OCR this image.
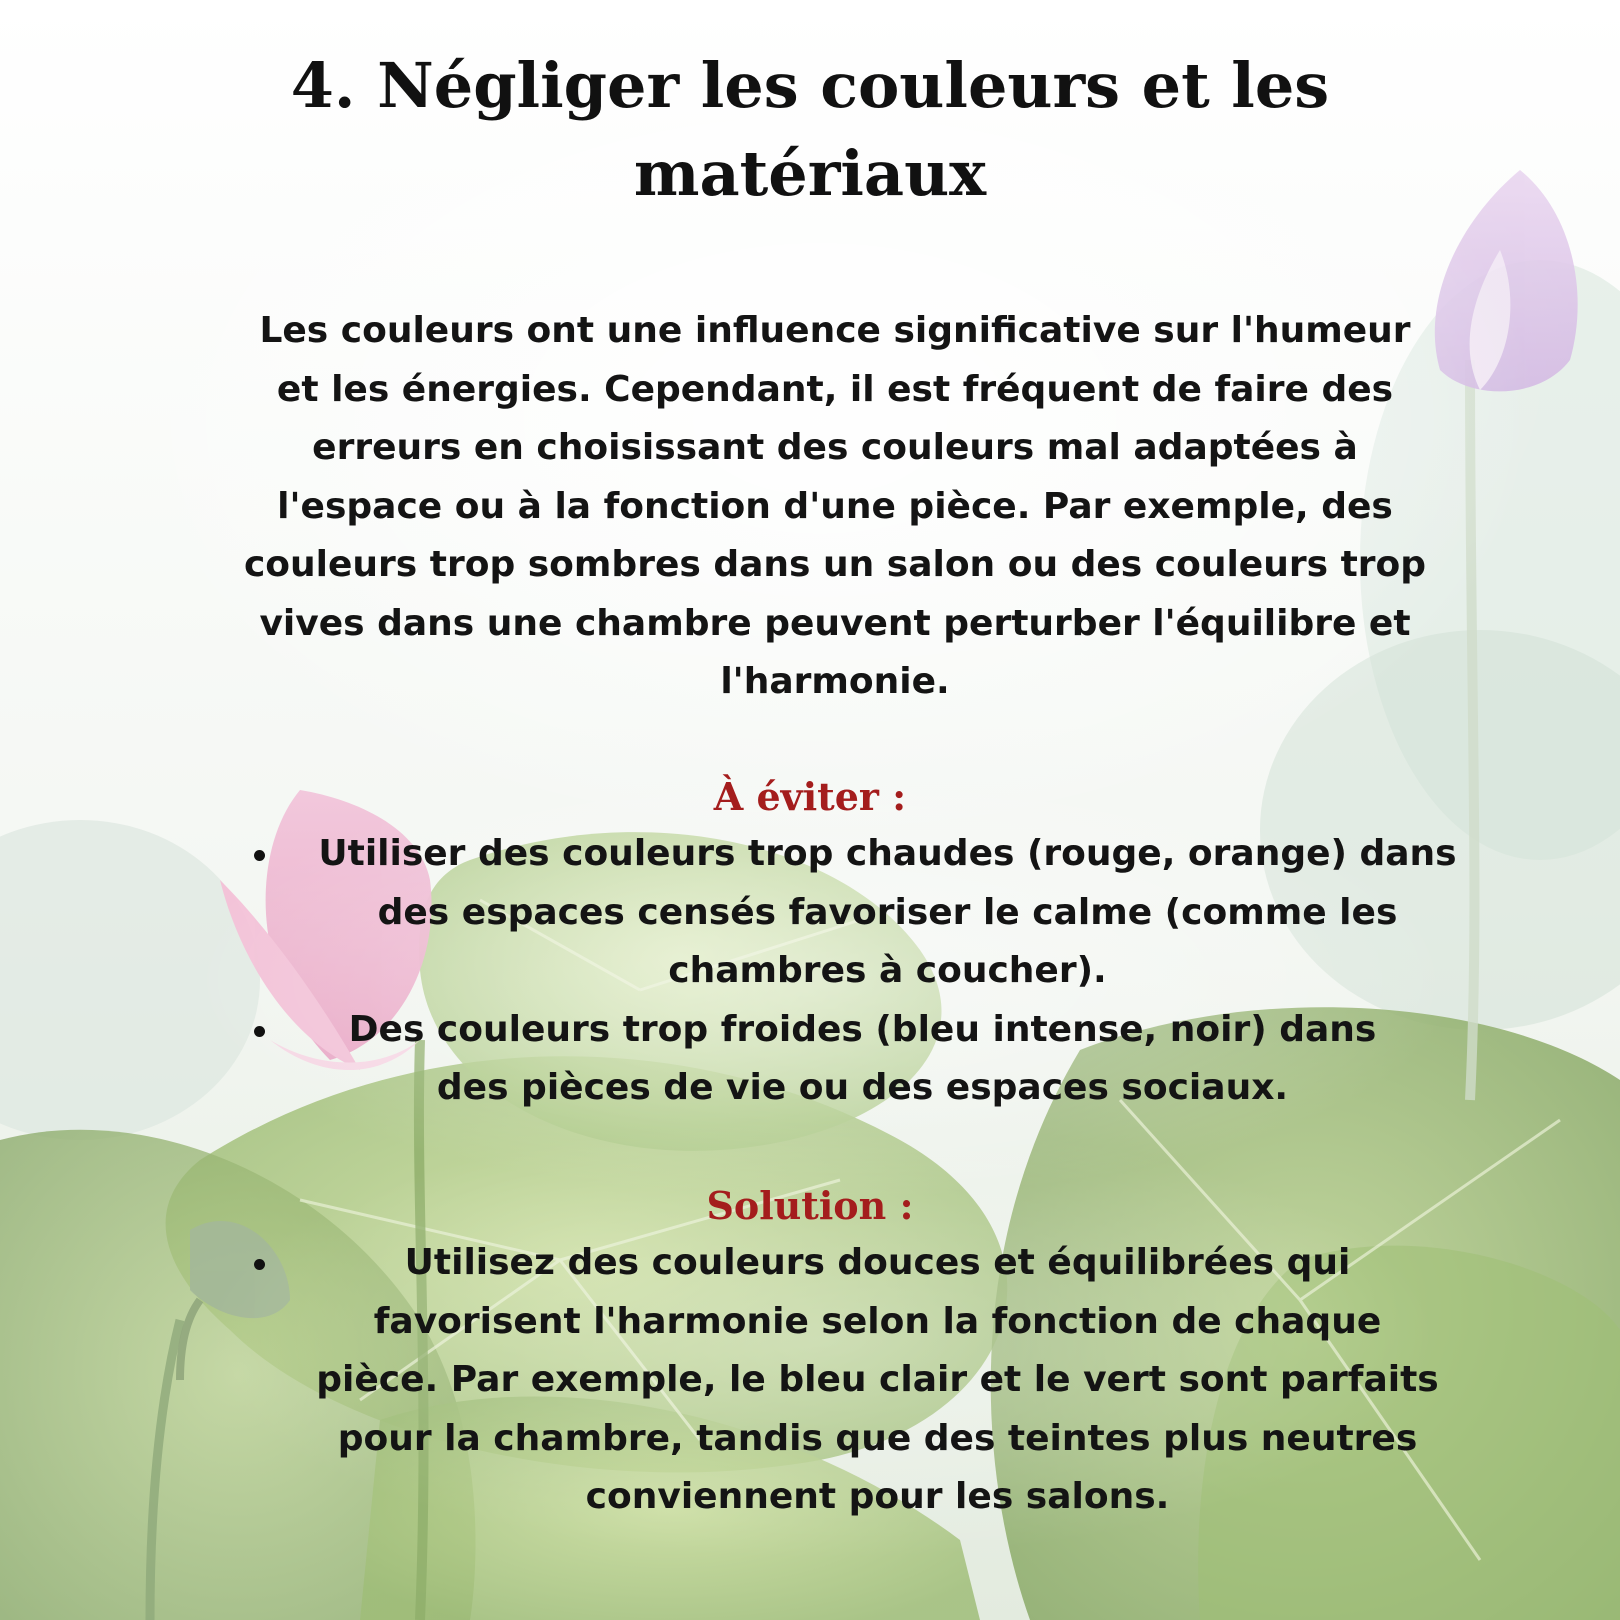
4. Négliger les couleurs et les matériaux

Les couleurs ont une influence significative sur l'humeur et les énergies. Cependant, il est fréquent de faire des erreurs en choisissant des couleurs mal adaptées à l'espace ou à la fonction d'une pièce. Par exemple, des couleurs trop sombres dans un salon ou des couleurs trop vives dans une chambre peuvent perturber l'équilibre et l'harmonie.

À éviter :
Utiliser des couleurs trop chaudes (rouge, orange) dans des espaces censés favoriser le calme (comme les chambres à coucher).
Des couleurs trop froides (bleu intense, noir) dans des pièces de vie ou des espaces sociaux.
Solution :
Utilisez des couleurs douces et équilibrées qui favorisent l'harmonie selon la fonction de chaque pièce. Par exemple, le bleu clair et le vert sont parfaits pour la chambre, tandis que des teintes plus neutres conviennent pour les salons.
